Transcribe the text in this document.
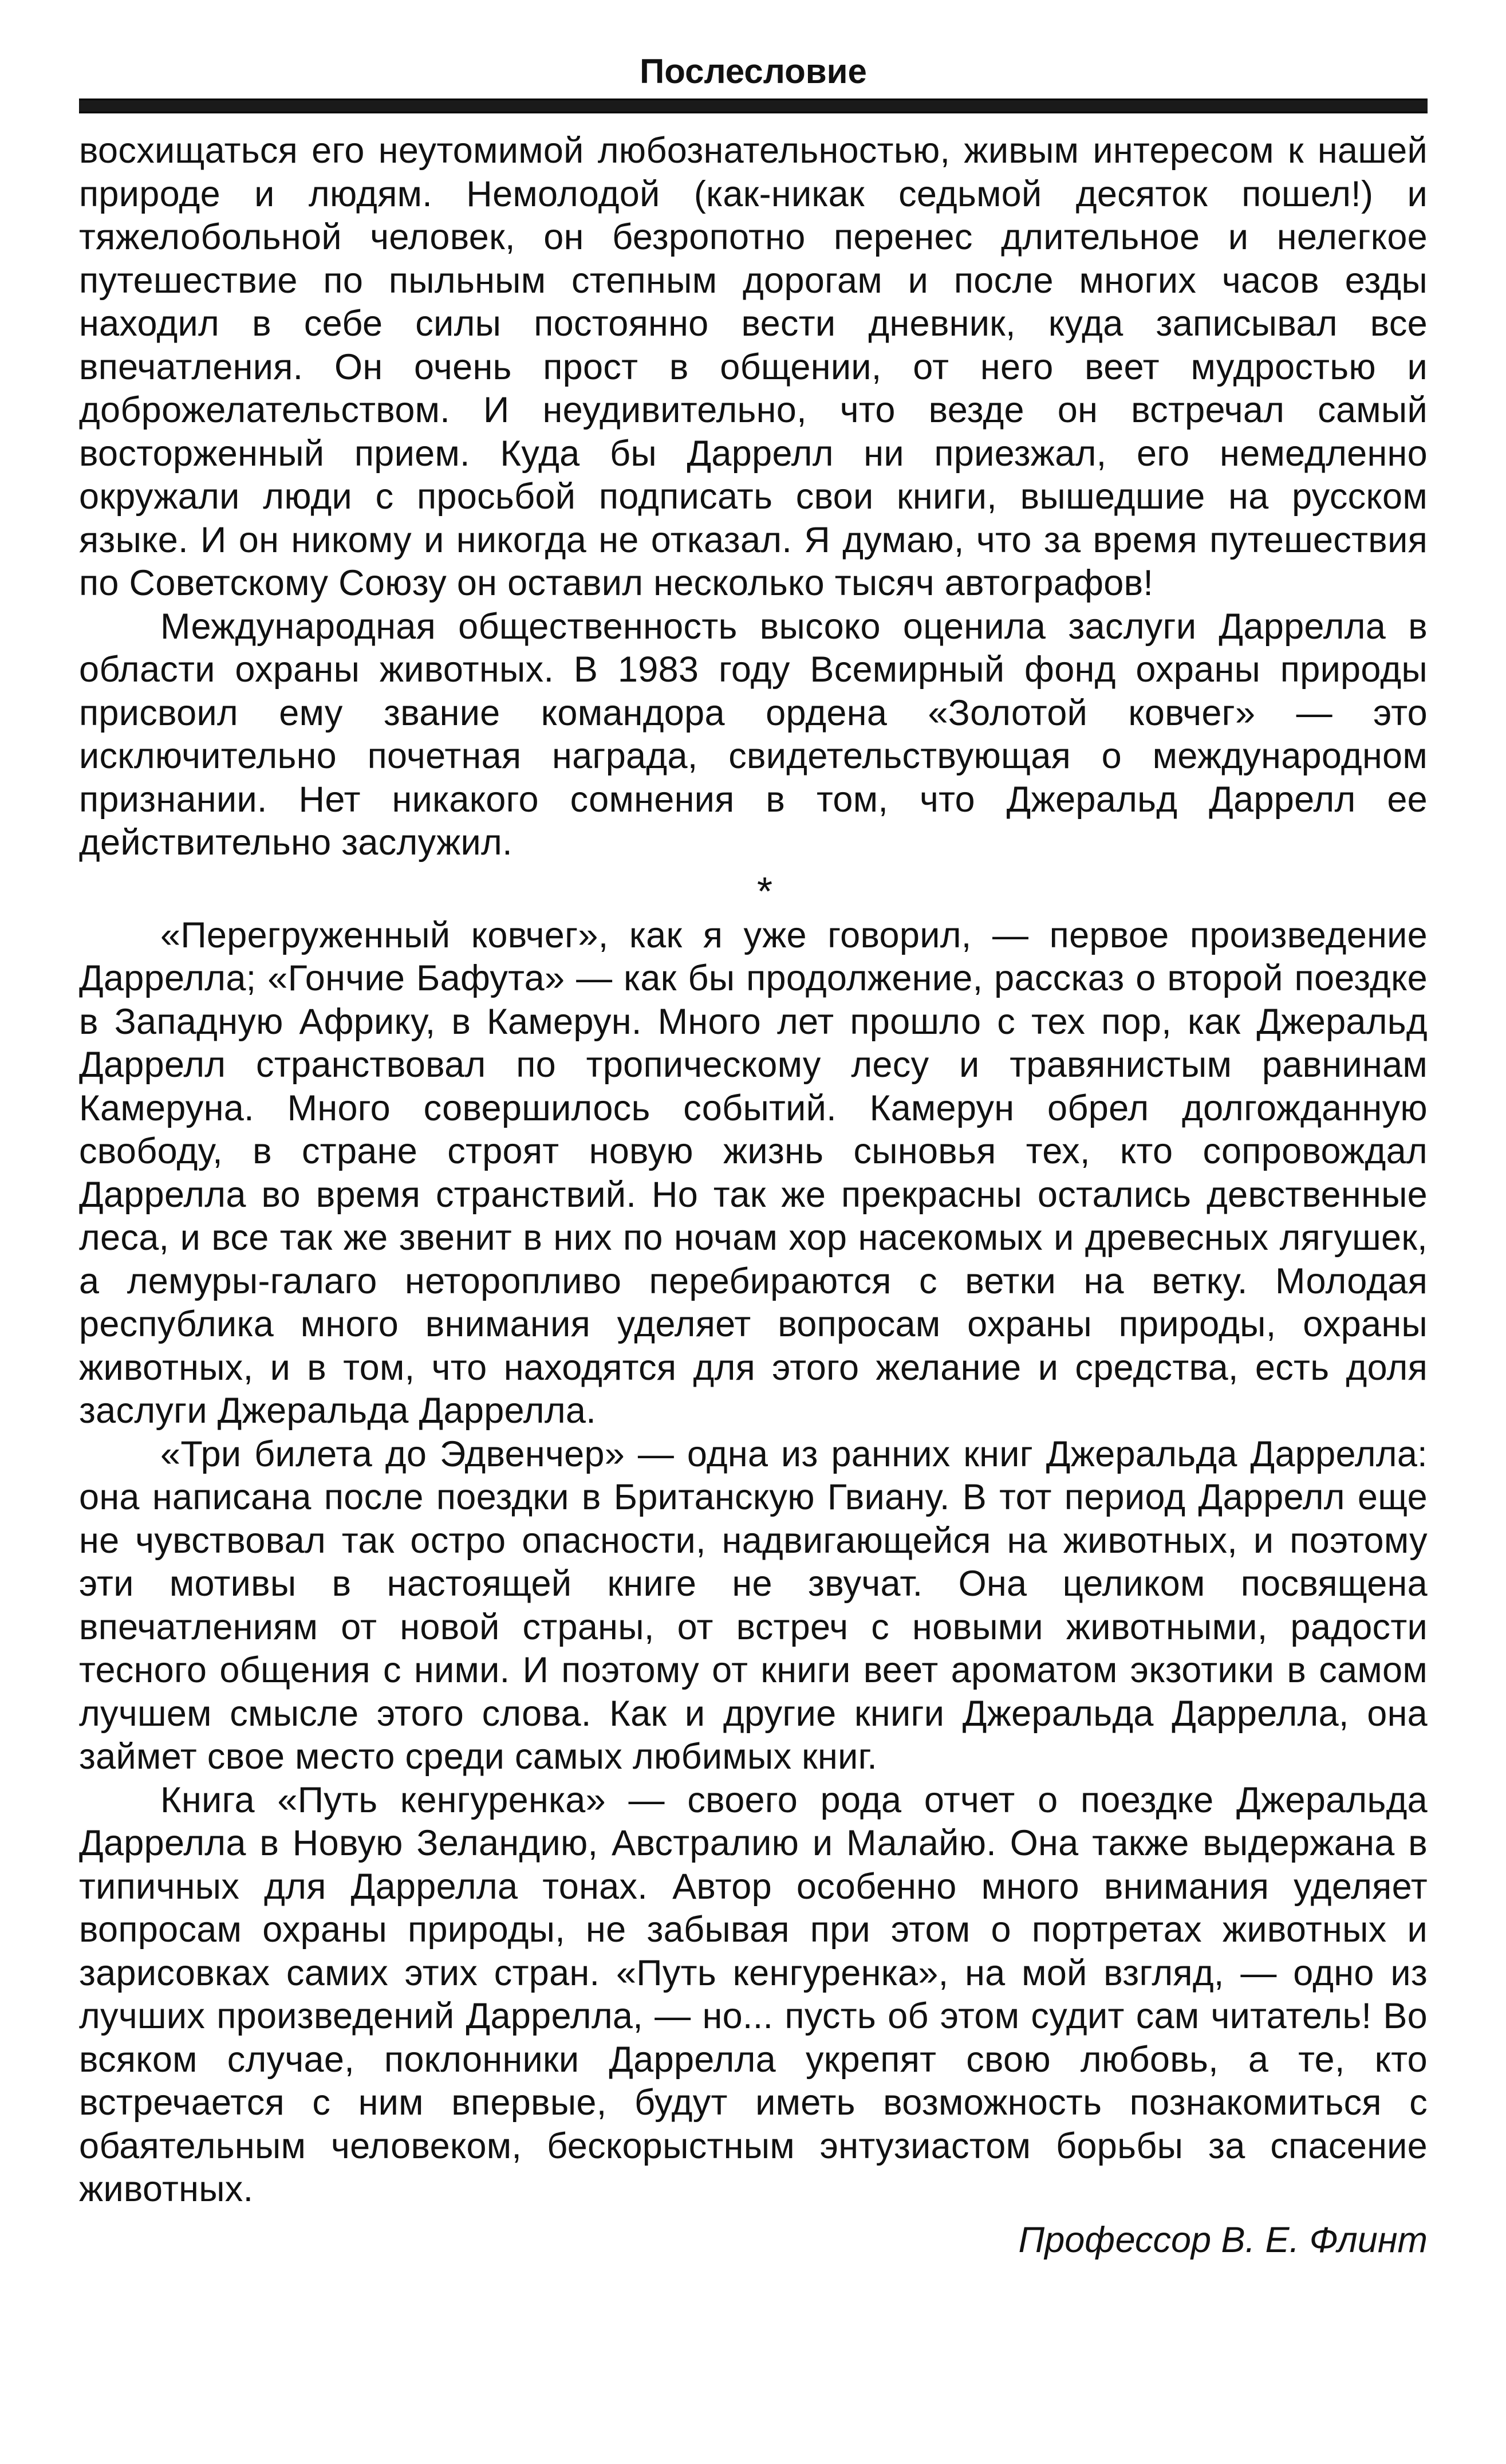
Послесловие

восхищаться его неутомимой любознательностью, живым интересом к нашей природе и людям. Немолодой (как-никак седьмой десяток пошел!) и тяжелобольной человек, он безропотно перенес длительное и нелегкое путешествие по пыльным степным дорогам и после многих часов езды находил в себе силы постоянно вести дневник, куда записывал все впечатления. Он очень прост в общении, от него веет мудростью и доброжелательством. И неудивительно, что везде он встречал самый восторженный прием. Куда бы Даррелл ни приезжал, его немедленно окружали люди с просьбой подписать свои книги, вышедшие на русском языке. И он никому и никогда не отказал. Я думаю, что за время путешествия по Советскому Союзу он оставил несколько тысяч автографов!

Международная общественность высоко оценила заслуги Даррелла в области охраны животных. В 1983 году Всемирный фонд охраны природы присвоил ему звание командора ордена «Золотой ковчег» — это исключительно почетная награда, свидетельствующая о международном признании. Нет никакого сомнения в том, что Джеральд Даррелл ее действительно заслужил.

*

«Перегруженный ковчег», как я уже говорил, — первое произведение Даррелла; «Гончие Бафута» — как бы продолжение, рассказ о второй поездке в Западную Африку, в Камерун. Много лет прошло с тех пор, как Джеральд Даррелл странствовал по тропическому лесу и травянистым равнинам Камеруна. Много совершилось событий. Камерун обрел долгожданную свободу, в стране строят новую жизнь сыновья тех, кто сопровождал Даррелла во время странствий. Но так же прекрасны остались девственные леса, и все так же звенит в них по ночам хор насекомых и древесных лягушек, а лемуры-галаго неторопливо перебираются с ветки на ветку. Молодая республика много внимания уделяет вопросам охраны природы, охраны животных, и в том, что находятся для этого желание и средства, есть доля заслуги Джеральда Даррелла.

«Три билета до Эдвенчер» — одна из ранних книг Джеральда Даррелла: она написана после поездки в Британскую Гвиану. В тот период Даррелл еще не чувствовал так остро опасности, надвигающейся на животных, и поэтому эти мотивы в настоящей книге не звучат. Она целиком посвящена впечатлениям от новой страны, от встреч с новыми животными, радости тесного общения с ними. И поэтому от книги веет ароматом экзотики в самом лучшем смысле этого слова. Как и другие книги Джеральда Даррелла, она займет свое место среди самых любимых книг.

Книга «Путь кенгуренка» — своего рода отчет о поездке Джеральда Даррелла в Новую Зеландию, Австралию и Малайю. Она также выдержана в типичных для Даррелла тонах. Автор особенно много внимания уделяет вопросам охраны природы, не забывая при этом о портретах животных и зарисовках самих этих стран. «Путь кенгуренка», на мой взгляд, — одно из лучших произведений Даррелла, — но... пусть об этом судит сам читатель! Во всяком случае, поклонники Даррелла укрепят свою любовь, а те, кто встречается с ним впервые, будут иметь возможность познакомиться с обаятельным человеком, бескорыстным энтузиастом борьбы за спасение животных.

Профессор В. Е. Флинт
